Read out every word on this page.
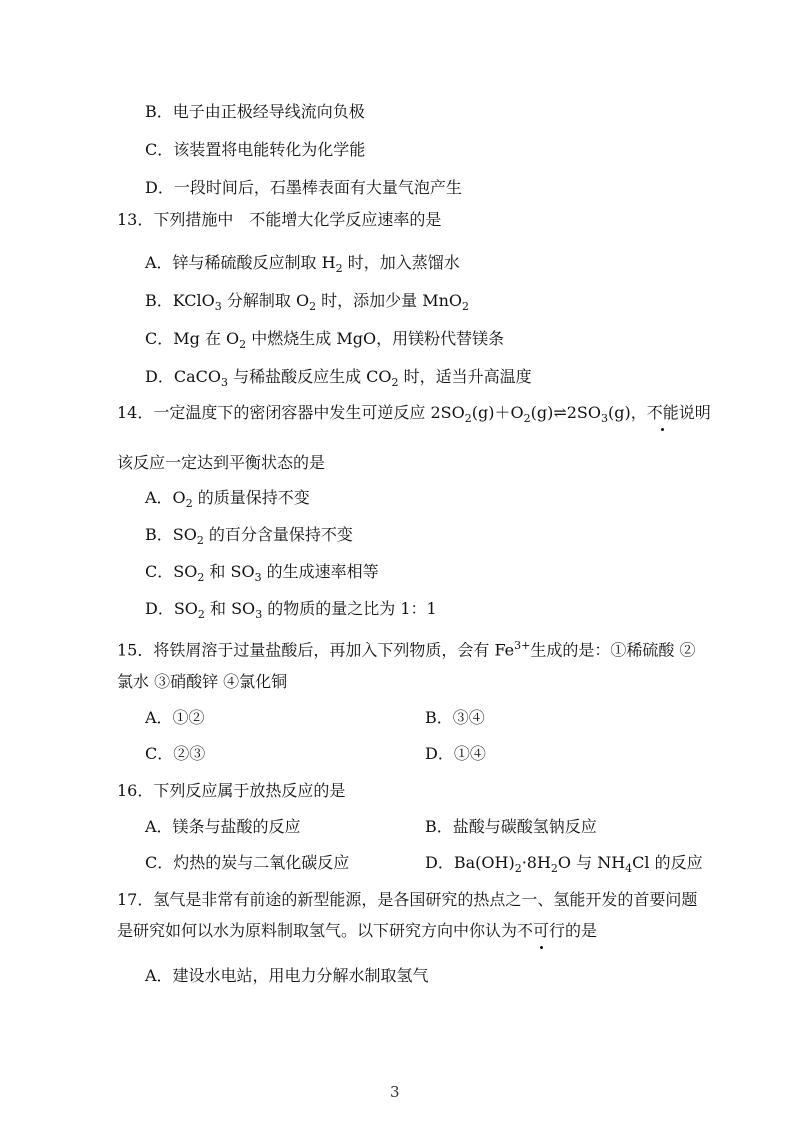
B．电子由正极经导线流向负极
C．该装置将电能转化为化学能
D．一段时间后，石墨棒表面有大量气泡产生
13．下列措施中　不能增大化学反应速率的是
A．锌与稀硫酸反应制取 $H_2$ 时，加入蒸馏水
B．KClO$_3$ 分解制取 $O_2$ 时，添加少量 MnO$_2$
C．Mg 在 $O_2$ 中燃烧生成 MgO，用镁粉代替镁条
D．CaCO$_3$ 与稀盐酸反应生成 $CO_2$ 时，适当升高温度
14．一定温度下的密闭容器中发生可逆反应 $2SO_2(g)+O_2(g)\rightleftharpoons 2SO_3(g)$，不能说明
该反应一定达到平衡状态的是
A．$O_2$ 的质量保持不变
B．$SO_2$ 的百分含量保持不变
C．$SO_2$ 和 $SO_3$ 的生成速率相等
D．$SO_2$ 和 $SO_3$ 的物质的量之比为 1：1
15．将铁屑溶于过量盐酸后，再加入下列物质，会有 $Fe^{3+}$生成的是：①稀硫酸 ②
氯水 ③硝酸锌 ④氯化铜
A．①②	B．③④
C．②③	D．①④
16．下列反应属于放热反应的是
A．镁条与盐酸的反应	B．盐酸与碳酸氢钠反应
C．灼热的炭与二氧化碳反应	D．$Ba(OH)_2\cdot 8H_2O$ 与 $NH_4Cl$ 的反应
17．氢气是非常有前途的新型能源，是各国研究的热点之一、氢能开发的首要问题
是研究如何以水为原料制取氢气。以下研究方向中你认为不可行的是
A．建设水电站，用电力分解水制取氢气
3
